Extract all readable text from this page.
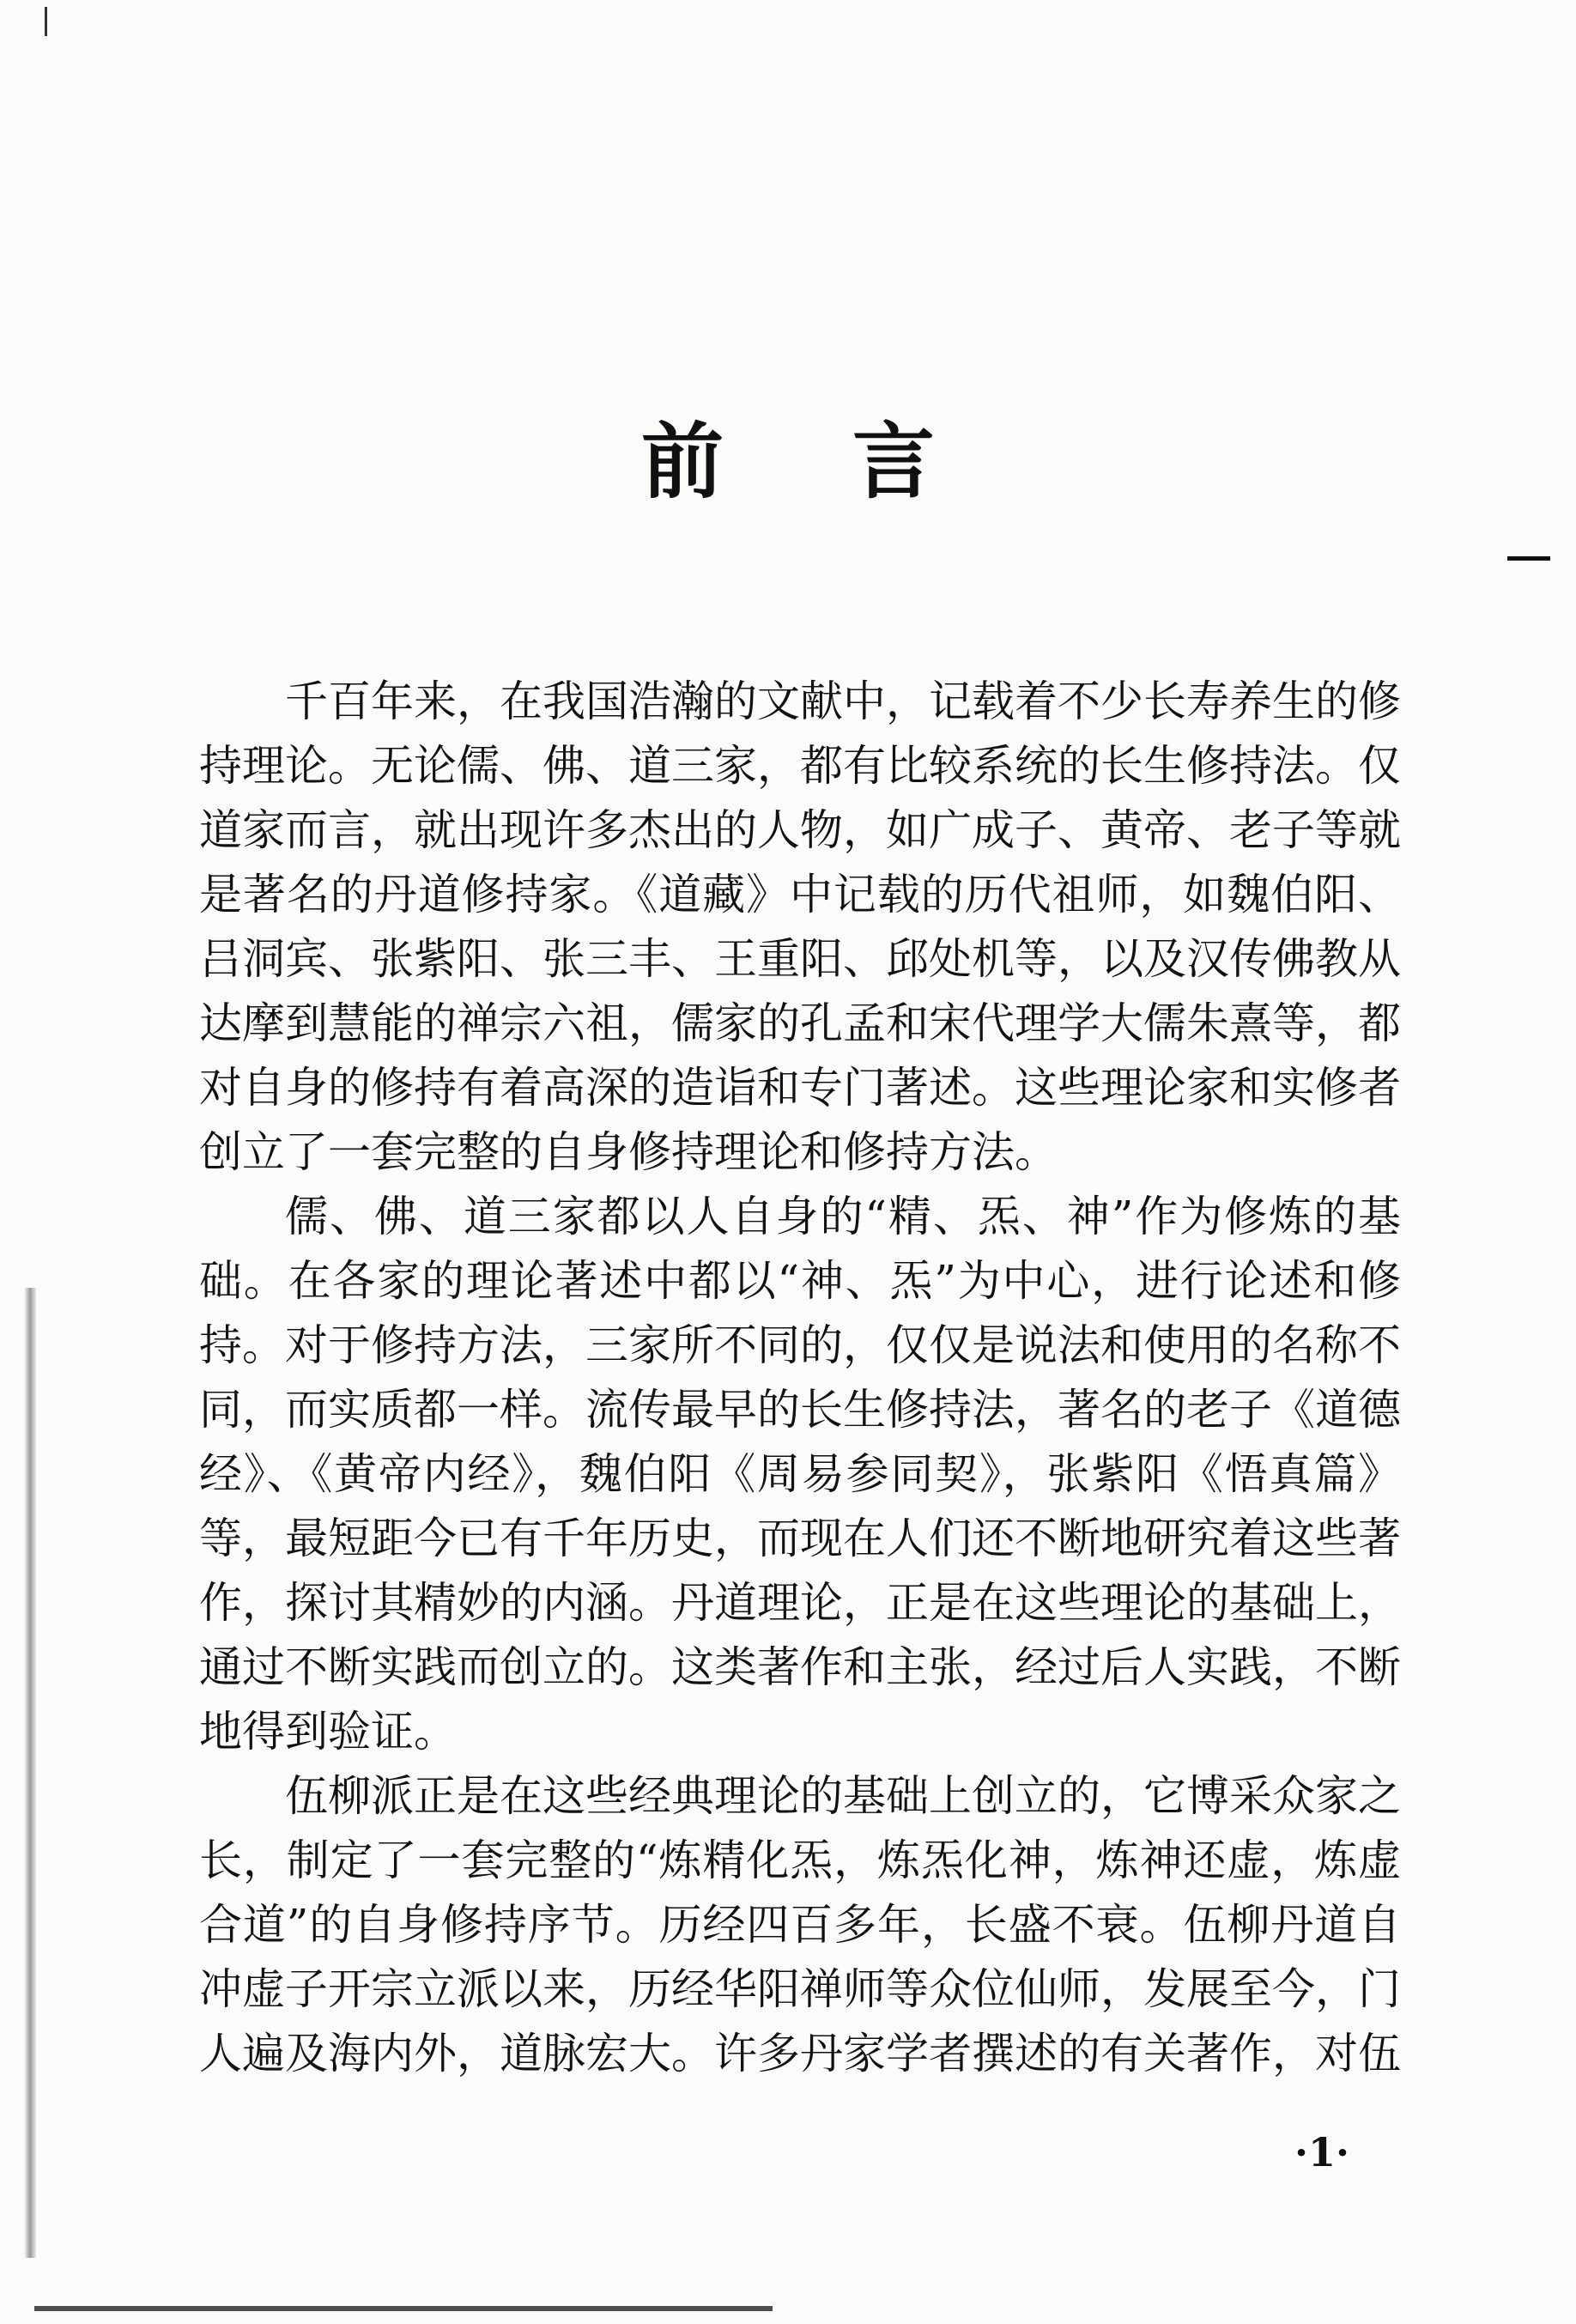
前言

千百年来，在我国浩瀚的文献中，记载着不少长寿养生的修持理论。无论儒、佛、道三家，都有比较系统的长生修持法。仅道家而言，就出现许多杰出的人物，如广成子、黄帝、老子等就是著名的丹道修持家。《道藏》中记载的历代祖师，如魏伯阳、吕洞宾、张紫阳、张三丰、王重阳、邱处机等，以及汉传佛教从达摩到慧能的禅宗六祖，儒家的孔孟和宋代理学大儒朱熹等，都对自身的修持有着高深的造诣和专门著述。这些理论家和实修者创立了一套完整的自身修持理论和修持方法。

儒、佛、道三家都以人自身的“精、炁、神”作为修炼的基础。在各家的理论著述中都以“神、炁”为中心，进行论述和修持。对于修持方法，三家所不同的，仅仅是说法和使用的名称不同，而实质都一样。流传最早的长生修持法，著名的老子《道德经》、《黄帝内经》，魏伯阳《周易参同契》，张紫阳《悟真篇》等，最短距今已有千年历史，而现在人们还不断地研究着这些著作，探讨其精妙的内涵。丹道理论，正是在这些理论的基础上，通过不断实践而创立的。这类著作和主张，经过后人实践，不断地得到验证。

伍柳派正是在这些经典理论的基础上创立的，它博采众家之长，制定了一套完整的“炼精化炁，炼炁化神，炼神还虚，炼虚合道”的自身修持序节。历经四百多年，长盛不衰。伍柳丹道自冲虚子开宗立派以来，历经华阳禅师等众位仙师，发展至今，门人遍及海内外，道脉宏大。许多丹家学者撰述的有关著作，对伍

·1·
